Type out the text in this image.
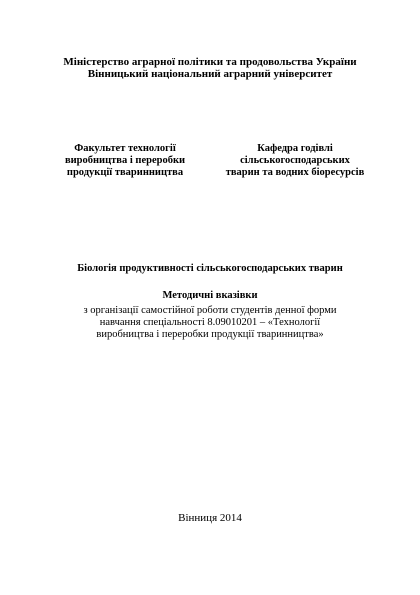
Міністерство аграрної політики та продовольства України
Вінницький національний аграрний університет
Факультет технології
виробництва і переробки
продукції тваринництва
Кафедра годівлі
сільськогосподарських
тварин та водних біоресурсів
Біологія продуктивності сільськогосподарських тварин
Методичні вказівки
з організації самостійної роботи студентів денної форми
навчання спеціальності 8.09010201 – «Технології
виробництва і переробки продукції тваринництва»
Вінниця 2014
